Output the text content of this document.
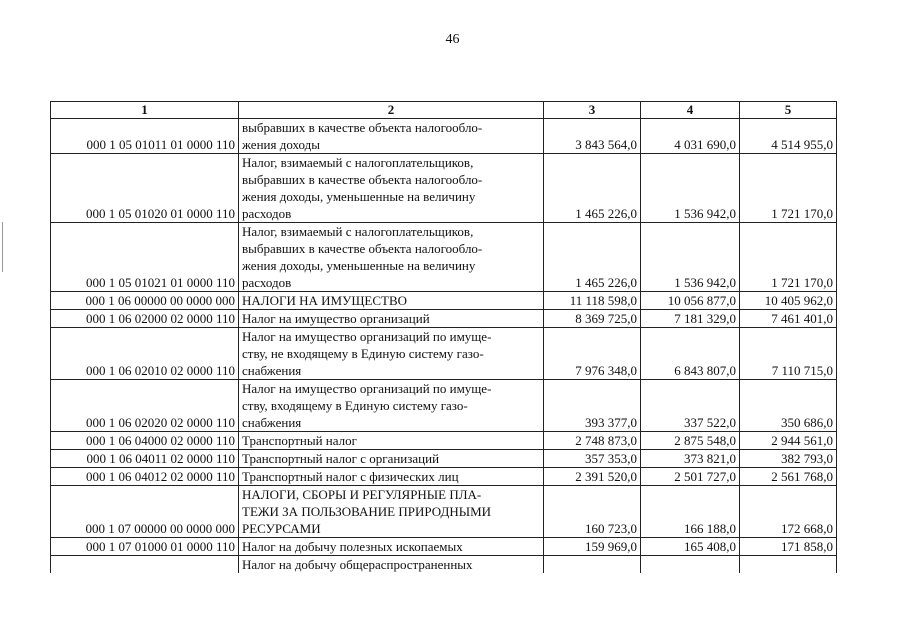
46
1	2	3	4	5
000 1 05 01011 01 0000 110	выбравших в качестве объекта налогообло-
жения доходы	3 843 564,0	4 031 690,0	4 514 955,0
000 1 05 01020 01 0000 110	Налог, взимаемый с налогоплательщиков,
выбравших в качестве объекта налогообло-
жения доходы, уменьшенные на величину
расходов	1 465 226,0	1 536 942,0	1 721 170,0
000 1 05 01021 01 0000 110	Налог, взимаемый с налогоплательщиков,
выбравших в качестве объекта налогообло-
жения доходы, уменьшенные на величину
расходов	1 465 226,0	1 536 942,0	1 721 170,0
000 1 06 00000 00 0000 000	НАЛОГИ НА ИМУЩЕСТВО	11 118 598,0	10 056 877,0	10 405 962,0
000 1 06 02000 02 0000 110	Налог на имущество организаций	8 369 725,0	7 181 329,0	7 461 401,0
000 1 06 02010 02 0000 110	Налог на имущество организаций по имуще-
ству, не входящему в Единую систему газо-
снабжения	7 976 348,0	6 843 807,0	7 110 715,0
000 1 06 02020 02 0000 110	Налог на имущество организаций по имуще-
ству, входящему в Единую систему газо-
снабжения	393 377,0	337 522,0	350 686,0
000 1 06 04000 02 0000 110	Транспортный налог	2 748 873,0	2 875 548,0	2 944 561,0
000 1 06 04011 02 0000 110	Транспортный налог с организаций	357 353,0	373 821,0	382 793,0
000 1 06 04012 02 0000 110	Транспортный налог с физических лиц	2 391 520,0	2 501 727,0	2 561 768,0
000 1 07 00000 00 0000 000	НАЛОГИ, СБОРЫ И РЕГУЛЯРНЫЕ ПЛА-
ТЕЖИ ЗА ПОЛЬЗОВАНИЕ ПРИРОДНЫМИ
РЕСУРСАМИ	160 723,0	166 188,0	172 668,0
000 1 07 01000 01 0000 110	Налог на добычу полезных ископаемых	159 969,0	165 408,0	171 858,0

	Налог на добычу общераспространенных			
